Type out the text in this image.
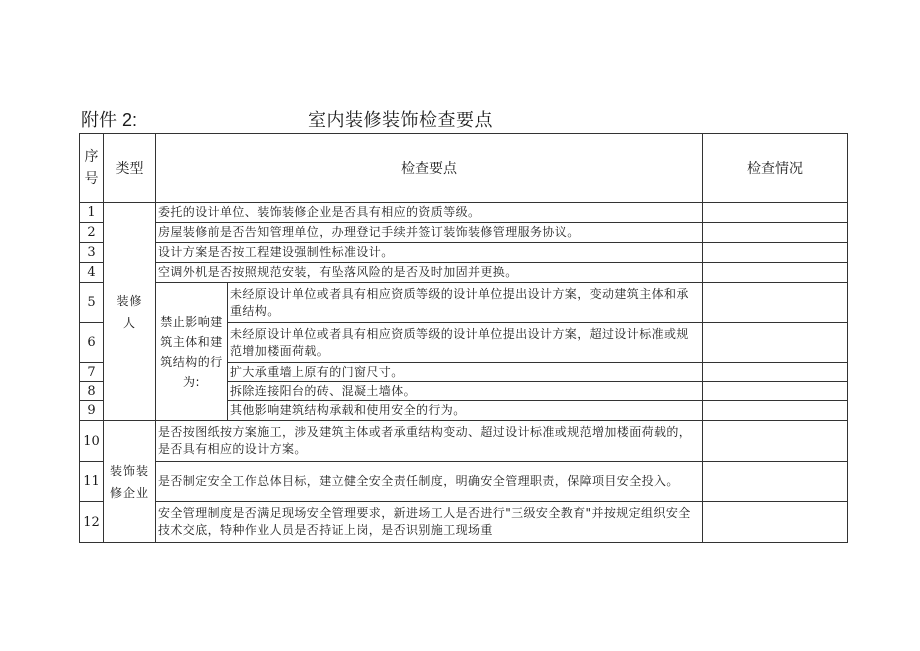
附件 2:	室内装修装饰检查要点
序号	类型	检查要点		检查情况
1	装修人	委托的设计单位、装饰装修企业是否具有相应的资质等级。		
2		房屋装修前是否告知管理单位，办理登记手续并签订装饰装修管理服务协议。		
3		设计方案是否按工程建设强制性标准设计。		
4		空调外机是否按照规范安装，有坠落风险的是否及时加固并更换。		
5		禁止影响建筑主体和建筑结构的行为:	未经原设计单位或者具有相应资质等级的设计单位提出设计方案，变动建筑主体和承重结构。	
6			未经原设计单位或者具有相应资质等级的设计单位提出设计方案，超过设计标准或规范增加楼面荷载。	
7			扩大承重墙上原有的门窗尺寸。	
8			拆除连接阳台的砖、混凝土墙体。	
9			其他影响建筑结构承载和使用安全的行为。	
10	装饰装修企业	是否按图纸按方案施工，涉及建筑主体或者承重结构变动、超过设计标准或规范增加楼面荷载的，是否具有相应的设计方案。		
11		是否制定安全工作总体目标，建立健全安全责任制度，明确安全管理职责，保障项目安全投入。		
12		安全管理制度是否满足现场安全管理要求，新进场工人是否进行"三级安全教育"并按规定组织安全技术交底，特种作业人员是否持证上岗，是否识别施工现场重		
